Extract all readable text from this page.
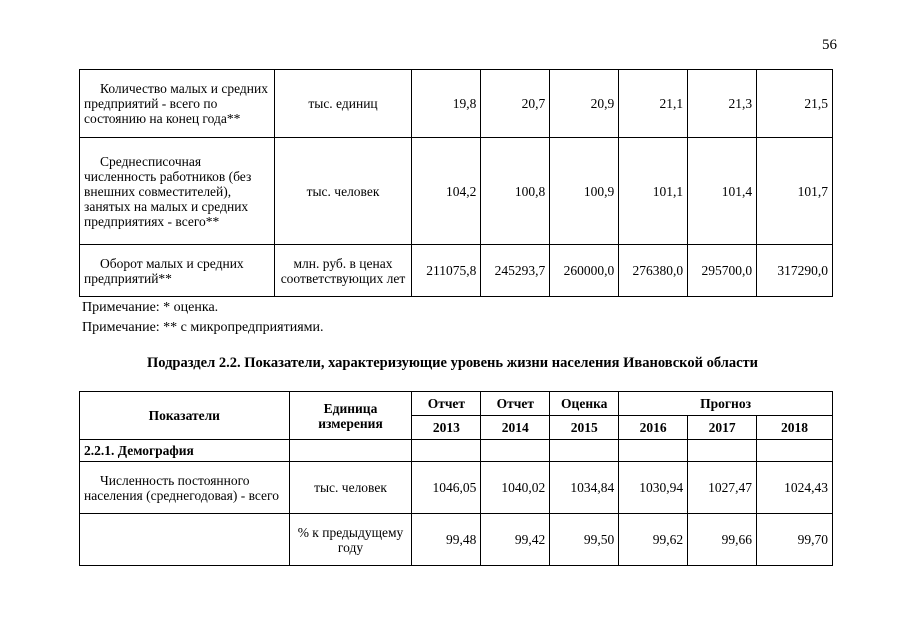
56
Количество малых и средних предприятий - всего по состоянию на конец года**	тыс. единиц	19,8	20,7	20,9	21,1	21,3	21,5

Среднесписочная численность работников (без внешних совместителей), занятых на малых и средних предприятиях - всего**	тыс. человек	104,2	100,8	100,9	101,1	101,4	101,7

Оборот малых и средних предприятий**	млн. руб. в ценах соответствующих лет	211075,8	245293,7	260000,0	276380,0	295700,0	317290,0
Примечание: * оценка.
Примечание: ** с микропредприятиями.
Подраздел 2.2. Показатели, характеризующие уровень жизни населения Ивановской области
Показатели	Единица измерения	Отчет	Отчет	Оценка	Прогноз		
		2013	2014	2015	2016	2017	2018
2.2.1. Демография							

Численность постоянного населения (среднегодовая) - всего	тыс. человек	1046,05	1040,02	1034,84	1030,94	1027,47	1024,43
	% к предыдущему году	99,48	99,42	99,50	99,62	99,66	99,70
